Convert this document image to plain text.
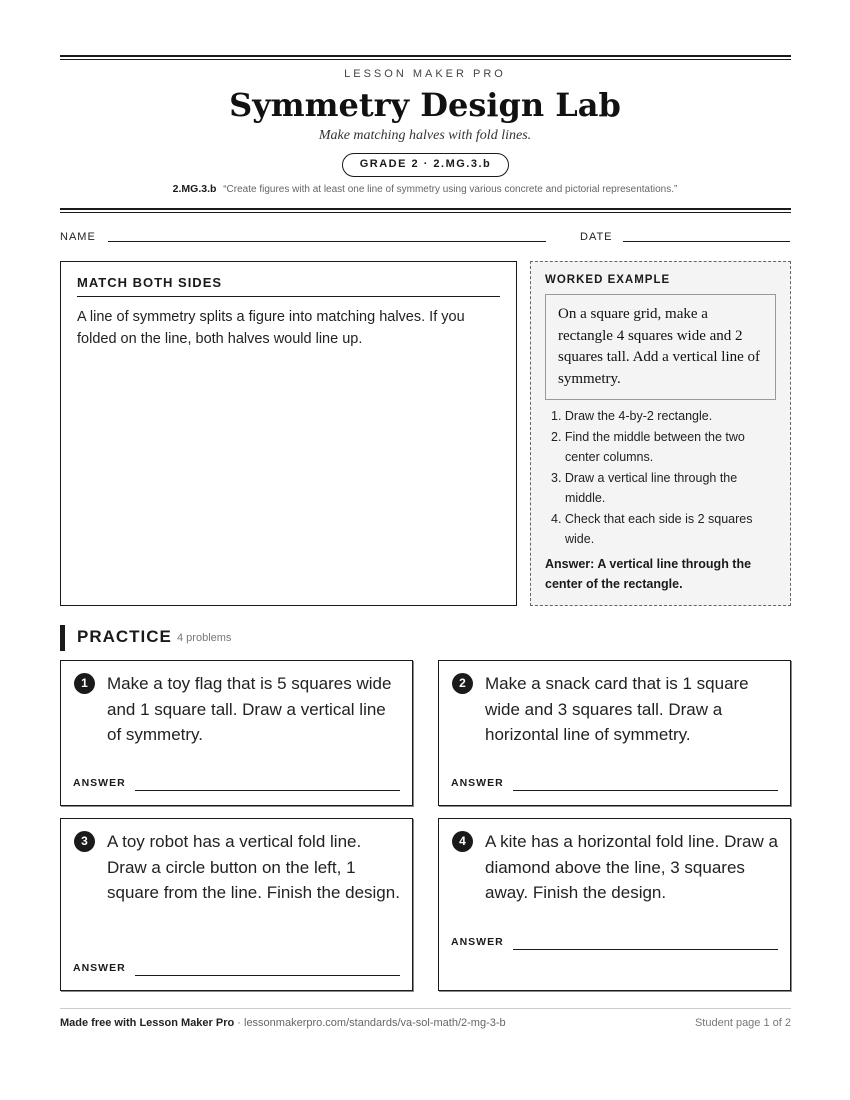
LESSON MAKER PRO
Symmetry Design Lab
Make matching halves with fold lines.
GRADE 2 · 2.MG.3.b
2.MG.3.b “Create figures with at least one line of symmetry using various concrete and pictorial representations.”
NAME	DATE
MATCH BOTH SIDES
A line of symmetry splits a figure into matching halves. If you folded on the line, both halves would line up.
WORKED EXAMPLE
On a square grid, make a rectangle 4 squares wide and 2 squares tall. Add a vertical line of symmetry.
1. Draw the 4-by-2 rectangle.
2. Find the middle between the two center columns.
3. Draw a vertical line through the middle.
4. Check that each side is 2 squares wide.
Answer: A vertical line through the center of the rectangle.
PRACTICE 4 problems
1	Make a toy flag that is 5 squares wide and 1 square tall. Draw a vertical line of symmetry.
ANSWER
2	Make a snack card that is 1 square wide and 3 squares tall. Draw a horizontal line of symmetry.
ANSWER
3	A toy robot has a vertical fold line. Draw a circle button on the left, 1 square from the line. Finish the design.
ANSWER
4	A kite has a horizontal fold line. Draw a diamond above the line, 3 squares away. Finish the design.
ANSWER
Made free with Lesson Maker Pro · lessonmakerpro.com/standards/va-sol-math/2-mg-3-b	Student page 1 of 2
